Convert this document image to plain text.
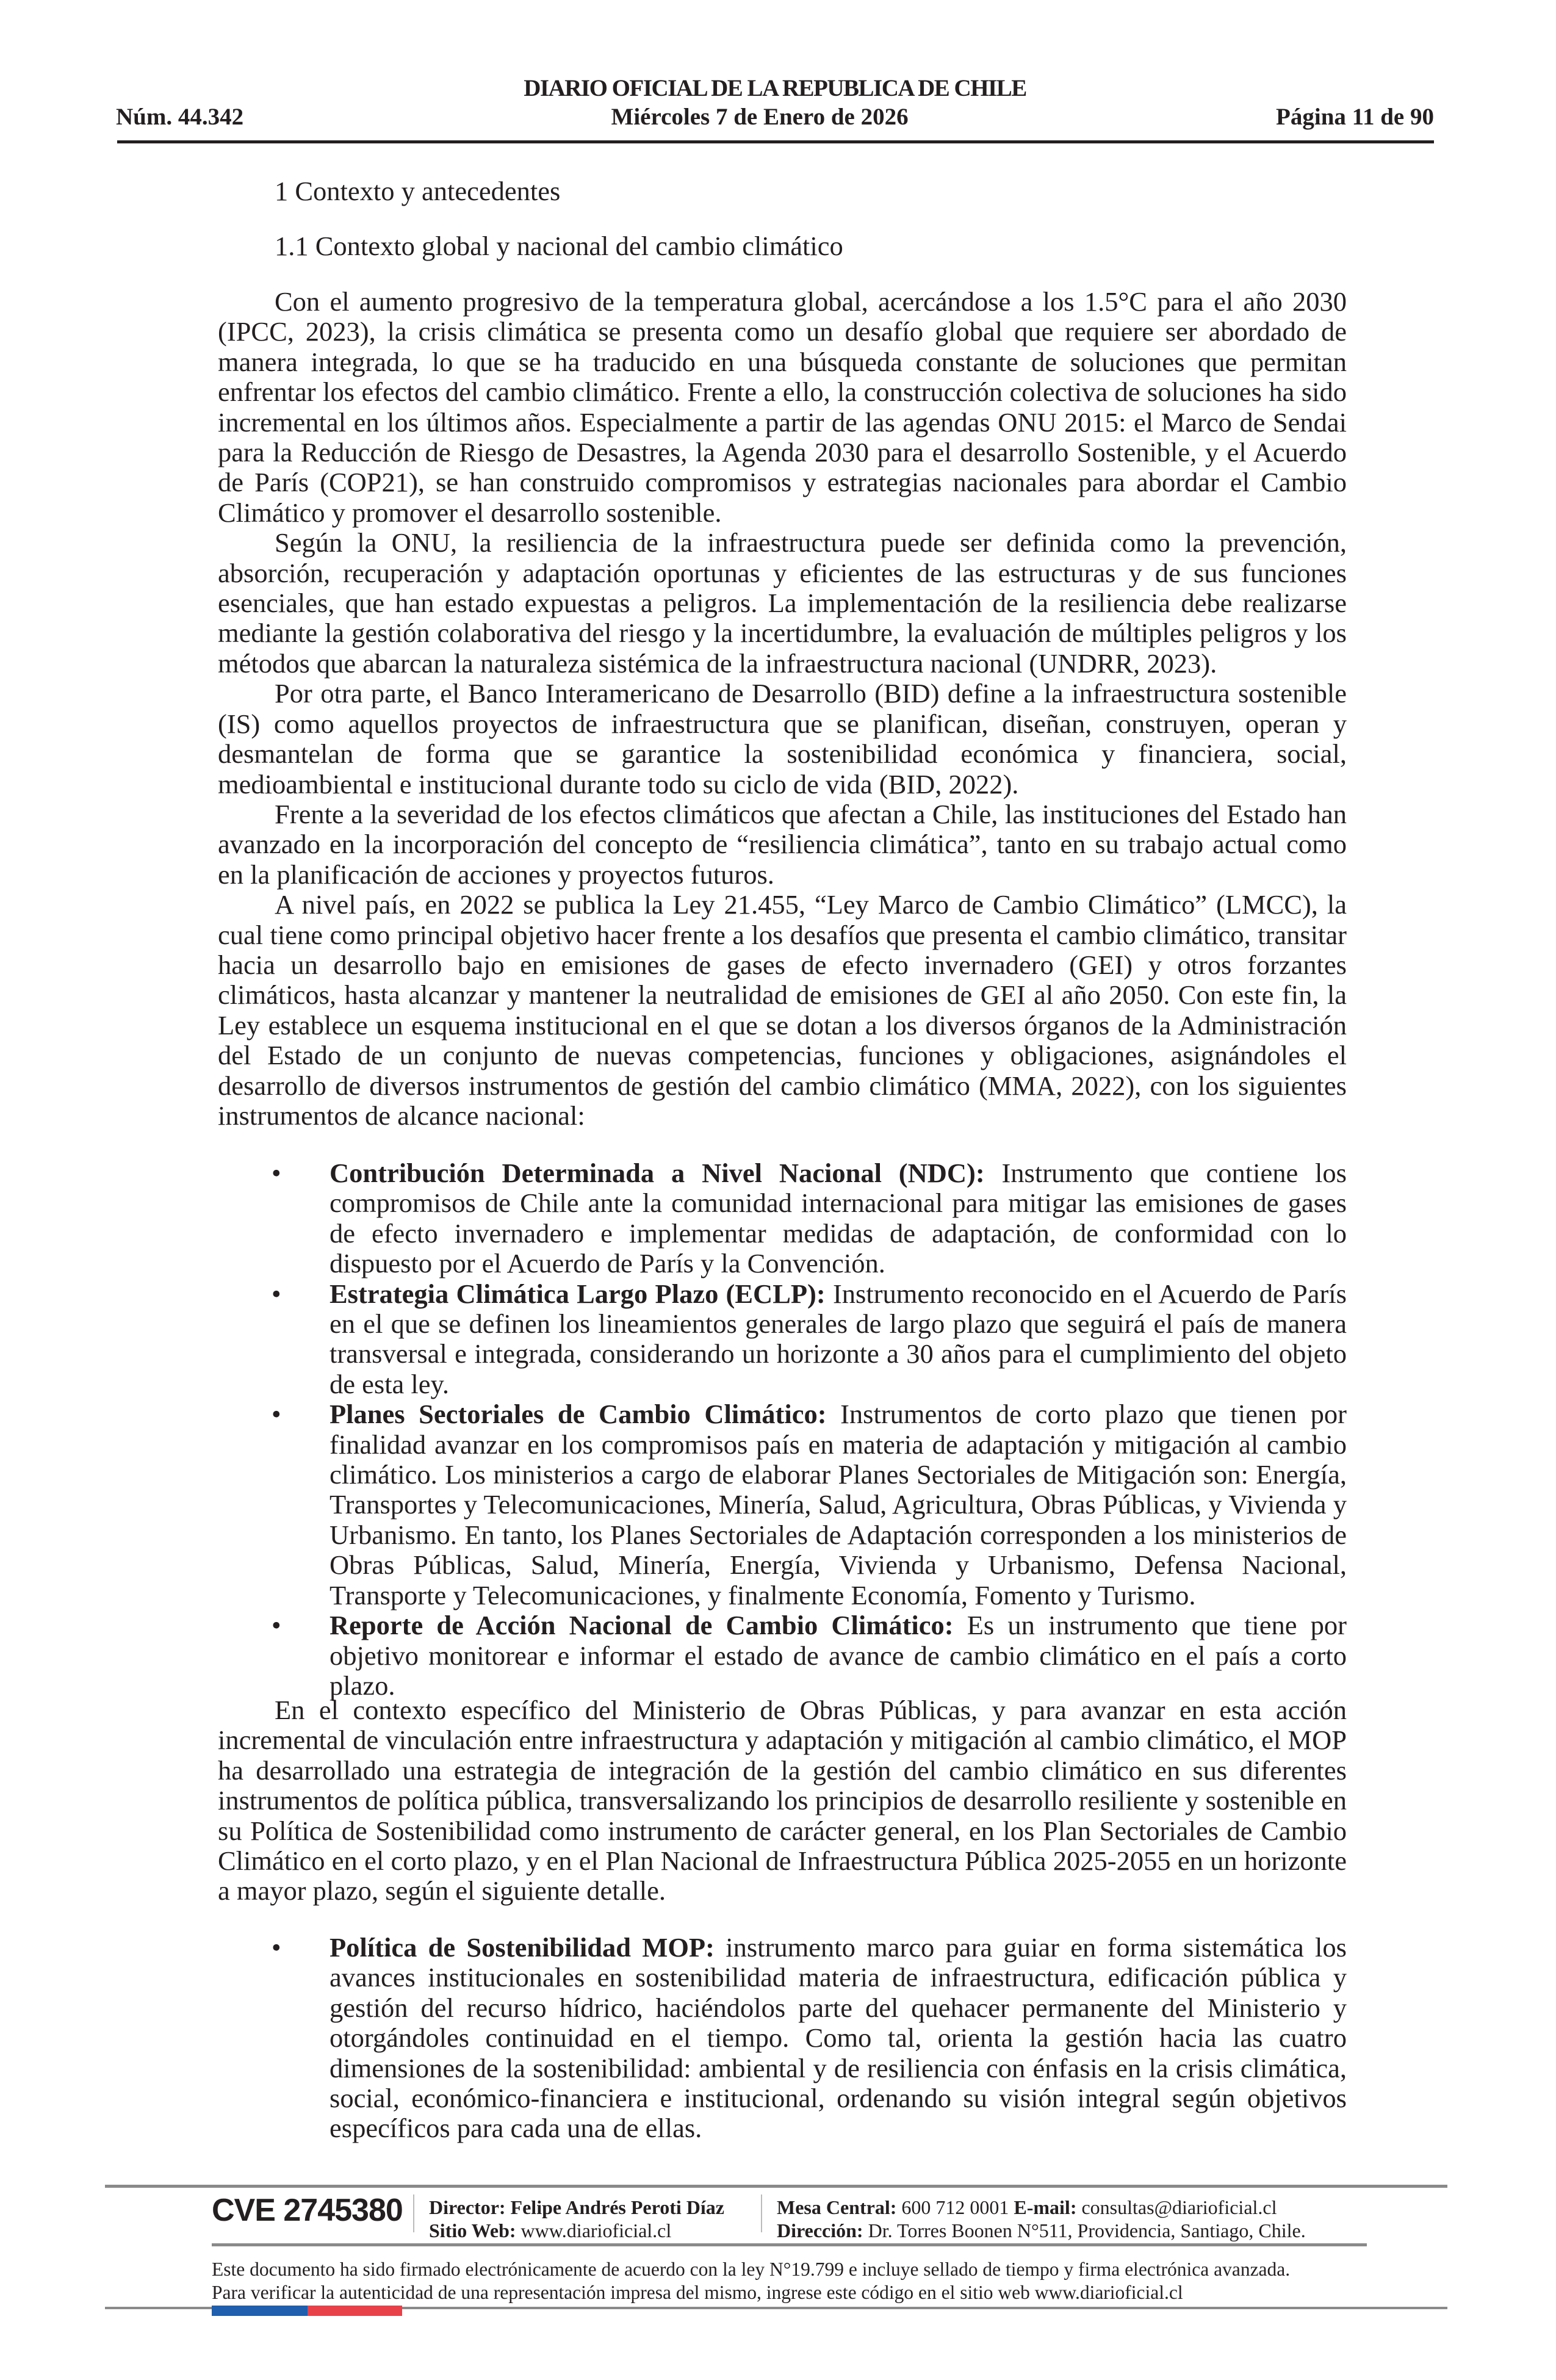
DIARIO OFICIAL DE LA REPUBLICA DE CHILE
Núm. 44.342	Miércoles 7 de Enero de 2026	Página 11 de 90
1 Contexto y antecedentes
1.1 Contexto global y nacional del cambio climático

Con el aumento progresivo de la temperatura global, acercándose a los 1.5°C para el año 2030 (IPCC, 2023), la crisis climática se presenta como un desafío global que requiere ser abordado de manera integrada, lo que se ha traducido en una búsqueda constante de soluciones que permitan enfrentar los efectos del cambio climático. Frente a ello, la construcción colectiva de soluciones ha sido incremental en los últimos años. Especialmente a partir de las agendas ONU 2015: el Marco de Sendai para la Reducción de Riesgo de Desastres, la Agenda 2030 para el desarrollo Sostenible, y el Acuerdo de París (COP21), se han construido compromisos y estrategias nacionales para abordar el Cambio Climático y promover el desarrollo sostenible.

Según la ONU, la resiliencia de la infraestructura puede ser definida como la prevención, absorción, recuperación y adaptación oportunas y eficientes de las estructuras y de sus funciones esenciales, que han estado expuestas a peligros. La implementación de la resiliencia debe realizarse mediante la gestión colaborativa del riesgo y la incertidumbre, la evaluación de múltiples peligros y los métodos que abarcan la naturaleza sistémica de la infraestructura nacional (UNDRR, 2023).

Por otra parte, el Banco Interamericano de Desarrollo (BID) define a la infraestructura sostenible (IS) como aquellos proyectos de infraestructura que se planifican, diseñan, construyen, operan y desmantelan de forma que se garantice la sostenibilidad económica y financiera, social, medioambiental e institucional durante todo su ciclo de vida (BID, 2022).

Frente a la severidad de los efectos climáticos que afectan a Chile, las instituciones del Estado han avanzado en la incorporación del concepto de “resiliencia climática”, tanto en su trabajo actual como en la planificación de acciones y proyectos futuros.

A nivel país, en 2022 se publica la Ley 21.455, “Ley Marco de Cambio Climático” (LMCC), la cual tiene como principal objetivo hacer frente a los desafíos que presenta el cambio climático, transitar hacia un desarrollo bajo en emisiones de gases de efecto invernadero (GEI) y otros forzantes climáticos, hasta alcanzar y mantener la neutralidad de emisiones de GEI al año 2050. Con este fin, la Ley establece un esquema institucional en el que se dotan a los diversos órganos de la Administración del Estado de un conjunto de nuevas competencias, funciones y obligaciones, asignándoles el desarrollo de diversos instrumentos de gestión del cambio climático (MMA, 2022), con los siguientes instrumentos de alcance nacional:

• Contribución Determinada a Nivel Nacional (NDC): Instrumento que contiene los compromisos de Chile ante la comunidad internacional para mitigar las emisiones de gases de efecto invernadero e implementar medidas de adaptación, de conformidad con lo dispuesto por el Acuerdo de París y la Convención.
• Estrategia Climática Largo Plazo (ECLP): Instrumento reconocido en el Acuerdo de París en el que se definen los lineamientos generales de largo plazo que seguirá el país de manera transversal e integrada, considerando un horizonte a 30 años para el cumplimiento del objeto de esta ley.
• Planes Sectoriales de Cambio Climático: Instrumentos de corto plazo que tienen por finalidad avanzar en los compromisos país en materia de adaptación y mitigación al cambio climático. Los ministerios a cargo de elaborar Planes Sectoriales de Mitigación son: Energía, Transportes y Telecomunicaciones, Minería, Salud, Agricultura, Obras Públicas, y Vivienda y Urbanismo. En tanto, los Planes Sectoriales de Adaptación corresponden a los ministerios de Obras Públicas, Salud, Minería, Energía, Vivienda y Urbanismo, Defensa Nacional, Transporte y Telecomunicaciones, y finalmente Economía, Fomento y Turismo.
• Reporte de Acción Nacional de Cambio Climático: Es un instrumento que tiene por objetivo monitorear e informar el estado de avance de cambio climático en el país a corto plazo.

En el contexto específico del Ministerio de Obras Públicas, y para avanzar en esta acción incremental de vinculación entre infraestructura y adaptación y mitigación al cambio climático, el MOP ha desarrollado una estrategia de integración de la gestión del cambio climático en sus diferentes instrumentos de política pública, transversalizando los principios de desarrollo resiliente y sostenible en su Política de Sostenibilidad como instrumento de carácter general, en los Plan Sectoriales de Cambio Climático en el corto plazo, y en el Plan Nacional de Infraestructura Pública 2025-2055 en un horizonte a mayor plazo, según el siguiente detalle.

• Política de Sostenibilidad MOP: instrumento marco para guiar en forma sistemática los avances institucionales en sostenibilidad materia de infraestructura, edificación pública y gestión del recurso hídrico, haciéndolos parte del quehacer permanente del Ministerio y otorgándoles continuidad en el tiempo. Como tal, orienta la gestión hacia las cuatro dimensiones de la sostenibilidad: ambiental y de resiliencia con énfasis en la crisis climática, social, económico-financiera e institucional, ordenando su visión integral según objetivos específicos para cada una de ellas.
CVE 2745380 Director: Felipe Andrés Peroti Díaz
Sitio Web: www.diarioficial.cl
Mesa Central: 600 712 0001 E-mail: consultas@diarioficial.cl
Dirección: Dr. Torres Boonen N°511, Providencia, Santiago, Chile.
Este documento ha sido firmado electrónicamente de acuerdo con la ley N°19.799 e incluye sellado de tiempo y firma electrónica avanzada. Para verificar la autenticidad de una representación impresa del mismo, ingrese este código en el sitio web www.diarioficial.cl
